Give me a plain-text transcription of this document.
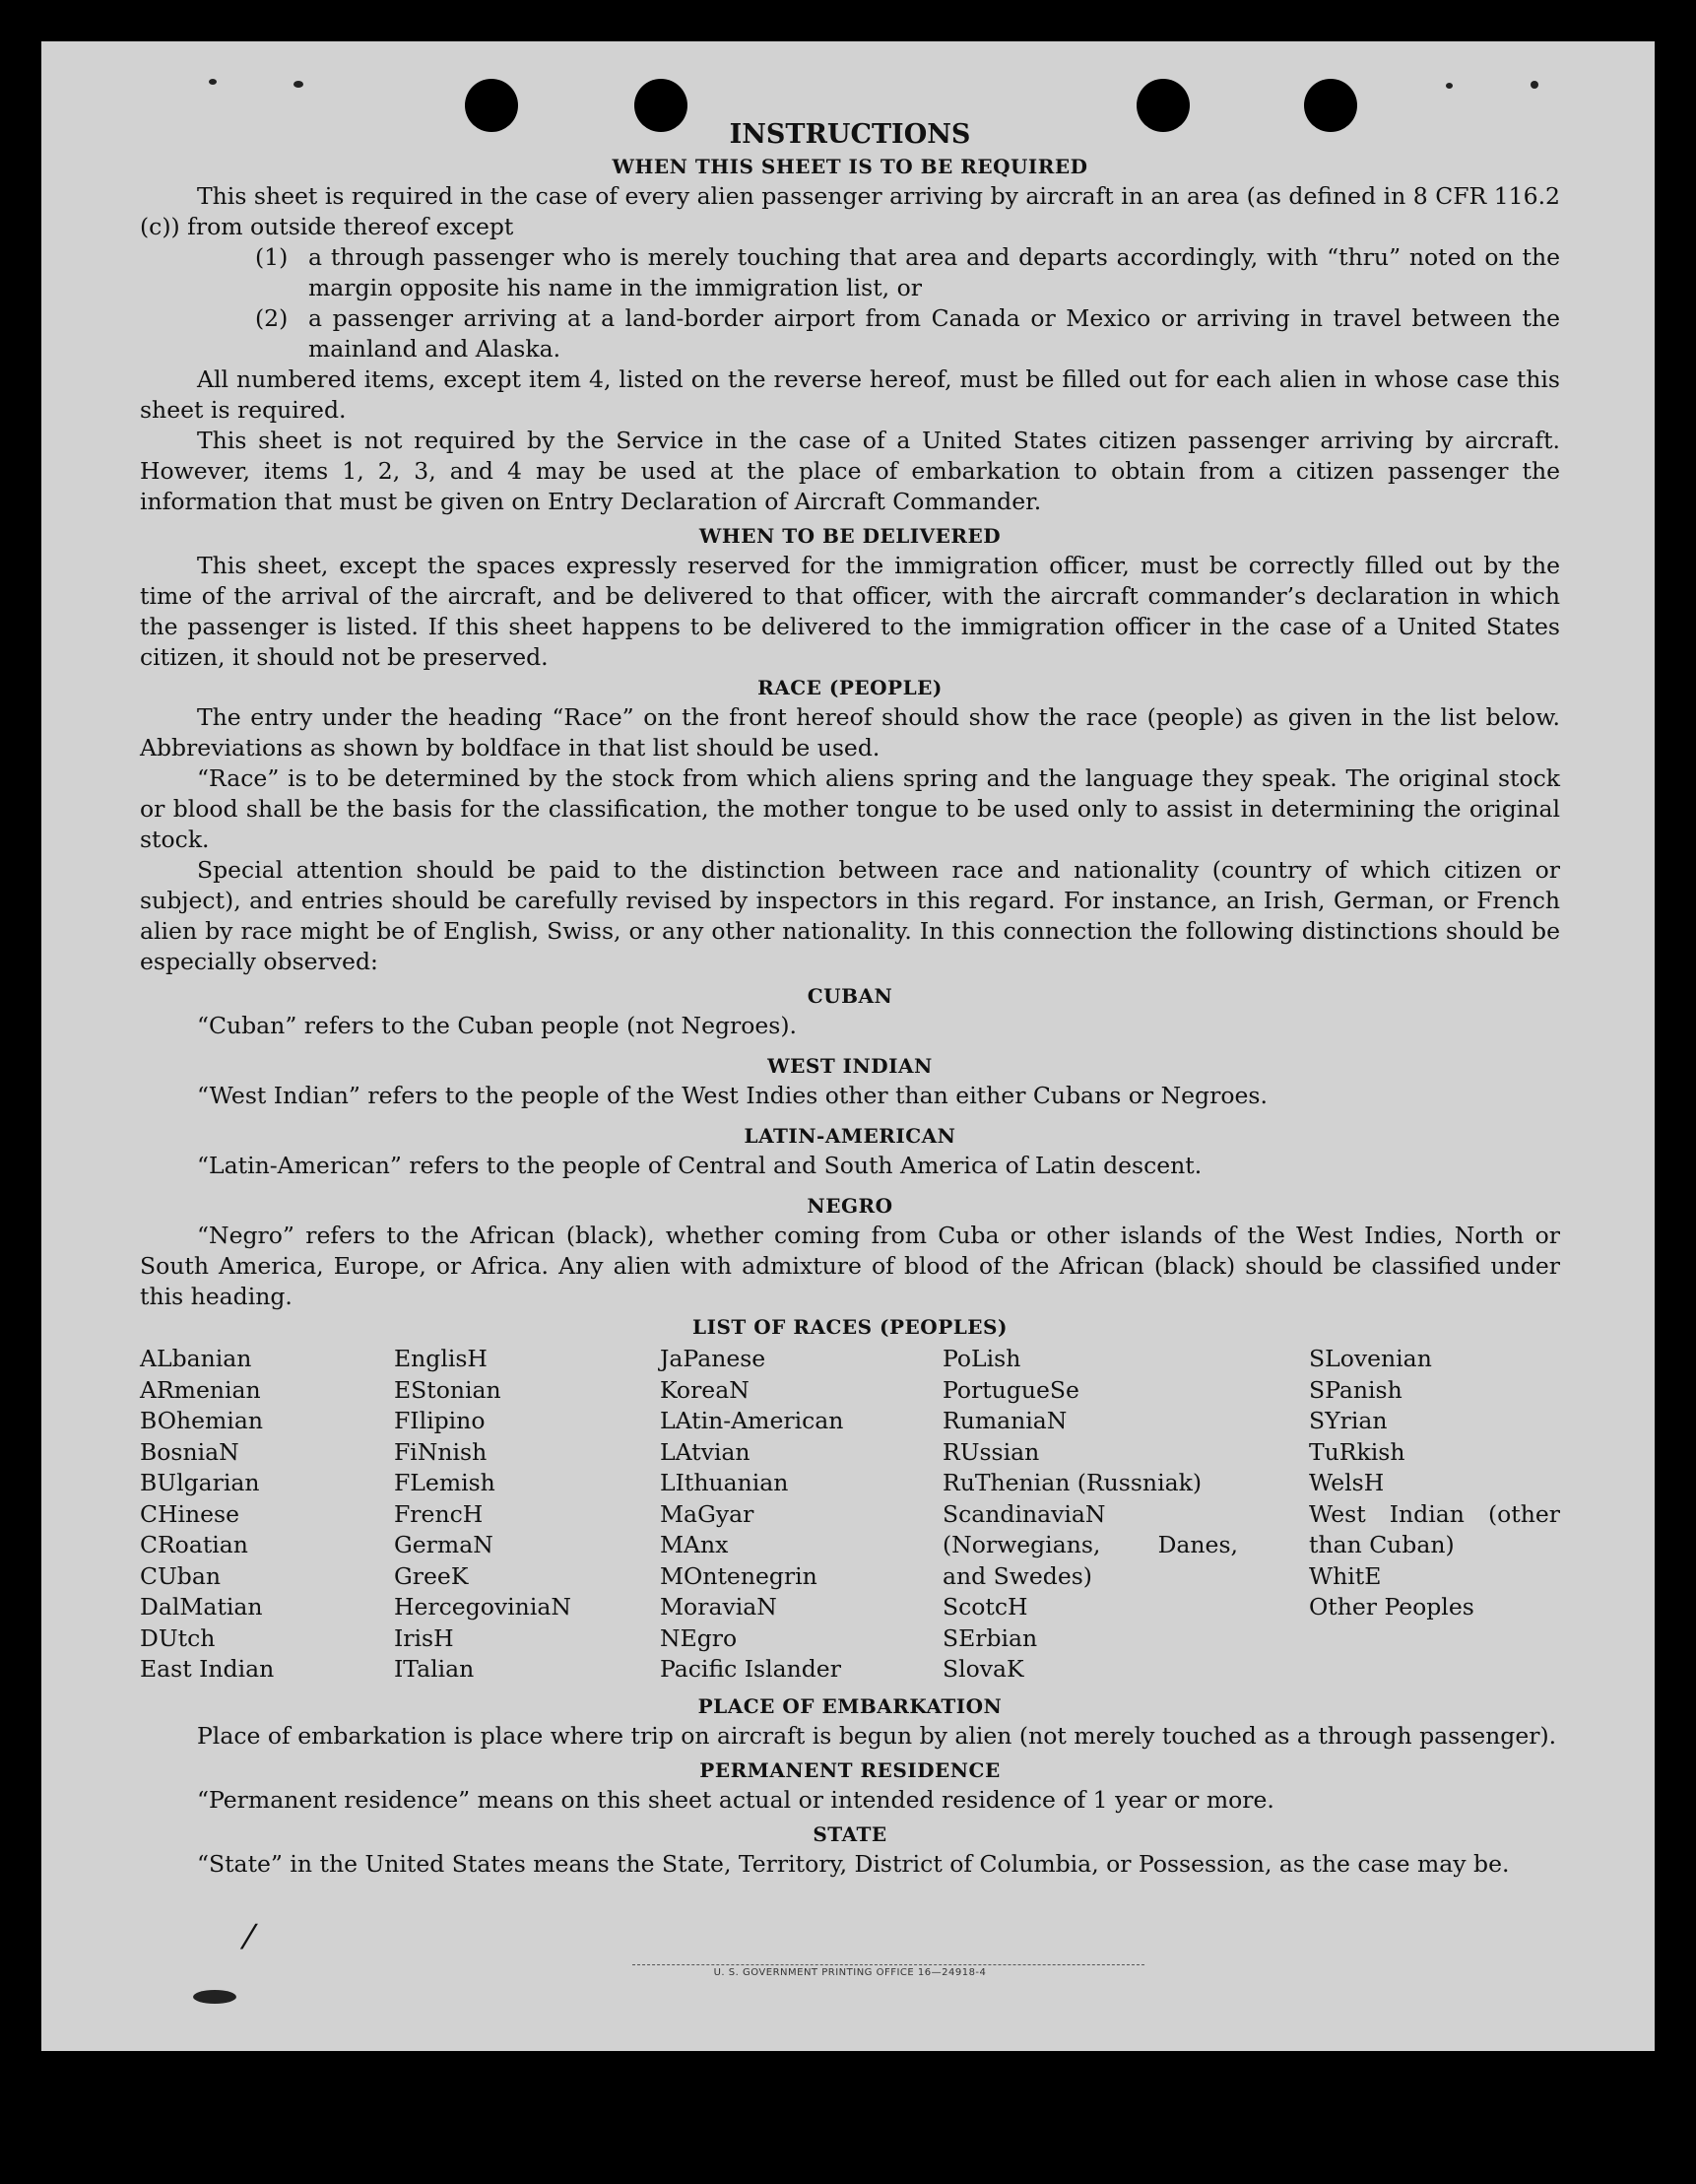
⁄
INSTRUCTIONS
WHEN THIS SHEET IS TO BE REQUIRED

This sheet is required in the case of every alien passenger arriving by aircraft in an area (as defined in 8 CFR 116.2 (c)) from outside thereof except

(1) a through passenger who is merely touching that area and departs accordingly, with “thru” noted on the margin opposite his name in the immigration list, or
(2) a passenger arriving at a land-border airport from Canada or Mexico or arriving in travel between the mainland and Alaska.

All numbered items, except item 4, listed on the reverse hereof, must be filled out for each alien in whose case this sheet is required.

This sheet is not required by the Service in the case of a United States citizen passenger arriving by aircraft. However, items 1, 2, 3, and 4 may be used at the place of embarkation to obtain from a citizen passenger the information that must be given on Entry Declaration of Aircraft Commander.

WHEN TO BE DELIVERED

This sheet, except the spaces expressly reserved for the immigration officer, must be correctly filled out by the time of the arrival of the aircraft, and be delivered to that officer, with the aircraft commander’s declaration in which the passenger is listed. If this sheet happens to be delivered to the immigration officer in the case of a United States citizen, it should not be preserved.

RACE (PEOPLE)

The entry under the heading “Race” on the front hereof should show the race (people) as given in the list below. Abbreviations as shown by boldface in that list should be used.

“Race” is to be determined by the stock from which aliens spring and the language they speak. The original stock or blood shall be the basis for the classification, the mother tongue to be used only to assist in determining the original stock.

Special attention should be paid to the distinction between race and nationality (country of which citizen or subject), and entries should be carefully revised by inspectors in this regard. For instance, an Irish, German, or French alien by race might be of English, Swiss, or any other nationality. In this connection the following distinctions should be especially observed:

CUBAN

“Cuban” refers to the Cuban people (not Negroes).

WEST INDIAN

“West Indian” refers to the people of the West Indies other than either Cubans or Negroes.

LATIN-AMERICAN

“Latin-American” refers to the people of Central and South America of Latin descent.

NEGRO

“Negro” refers to the African (black), whether coming from Cuba or other islands of the West Indies, North or South America, Europe, or Africa. Any alien with admixture of blood of the African (black) should be classified under this heading.

LIST OF RACES (PEOPLES)
ALbanian
ARmenian
BOhemian
BosniaN
BUlgarian
CHinese
CRoatian
CUban
DalMatian
DUtch
East Indian
EnglisH
EStonian
FIlipino
FiNnish
FLemish
FrencH
GermaN
GreeK
HercegoviniaN
IrisH
ITalian
JaPanese
KoreaN
LAtin-American
LAtvian
LIthuanian
MaGyar
MAnx
MOntenegrin
MoraviaN
NEgro
Pacific Islander
PoLish
PortugueSe
RumaniaN
RUssian
RuThenian (Russniak)
ScandinaviaN (Norwegians, Danes, and Swedes)
ScotcH
SErbian
SlovaK
SLovenian
SPanish
SYrian
TuRkish
WelsH
West Indian (other than Cuban)
WhitE
Other Peoples
PLACE OF EMBARKATION

Place of embarkation is place where trip on aircraft is begun by alien (not merely touched as a through passenger).

PERMANENT RESIDENCE

“Permanent residence” means on this sheet actual or intended residence of 1 year or more.

STATE

“State” in the United States means the State, Territory, District of Columbia, or Possession, as the case may be.

U. S. GOVERNMENT PRINTING OFFICE 16—24918-4
